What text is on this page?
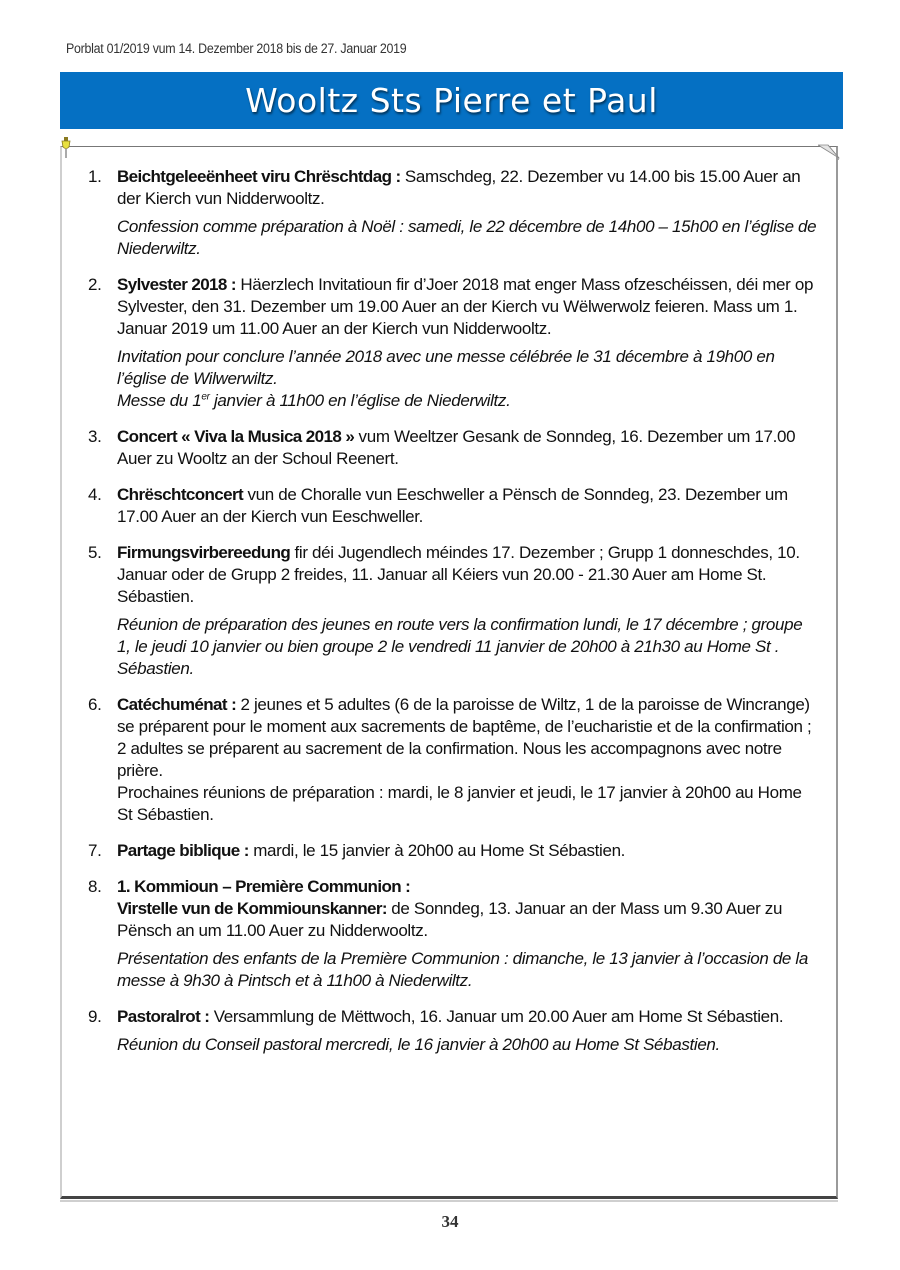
Porblat 01/2019 vum 14. Dezember 2018 bis de 27. Januar 2019
Wooltz Sts Pierre et Paul
1. Beichtgeleeënheet viru Chrëschtdag : Samschdeg, 22. Dezember vu 14.00 bis 15.00 Auer an der Kierch vun Nidderwooltz.
Confession comme préparation à Noël : samedi, le 22 décembre de 14h00 – 15h00 en l’église de Niederwiltz.
2. Sylvester 2018 : Häerzlech Invitatioun fir d’Joer 2018 mat enger Mass ofzeschéissen, déi mer op Sylvester, den 31. Dezember um 19.00 Auer an der Kierch vu Wëlwerwolz feieren. Mass um 1. Januar 2019 um 11.00 Auer an der Kierch vun Nidderwooltz.
Invitation pour conclure l’année 2018 avec une messe célébrée le 31 décembre à 19h00 en l’église de Wilwerwiltz.
Messe du 1er janvier à 11h00 en l’église de Niederwiltz.
3. Concert « Viva la Musica 2018 » vum Weeltzer Gesank de Sonndeg, 16. Dezember um 17.00 Auer zu Wooltz an der Schoul Reenert.
4. Chrëschtconcert vun de Choralle vun Eeschweller a Pënsch de Sonndeg, 23. Dezember um 17.00 Auer an der Kierch vun Eeschweller.
5. Firmungsvirbereedung fir déi Jugendlech méindes 17. Dezember ; Grupp 1 donneschdes, 10. Januar oder de Grupp 2 freides, 11. Januar all Kéiers vun 20.00 - 21.30 Auer am Home St. Sébastien.
Réunion de préparation des jeunes en route vers la confirmation lundi, le 17 décembre ; groupe 1, le jeudi 10 janvier ou bien groupe 2 le vendredi 11 janvier de 20h00 à 21h30 au Home St . Sébastien.
6. Catéchuménat : 2 jeunes et 5 adultes (6 de la paroisse de Wiltz, 1 de la paroisse de Wincrange) se préparent pour le moment aux sacrements de baptême, de l’eucharistie et de la confirmation ; 2 adultes se préparent au sacrement de la confirmation. Nous les accompagnons avec notre prière.
Prochaines réunions de préparation : mardi, le 8 janvier et jeudi, le 17 janvier à 20h00 au Home St Sébastien.
7. Partage biblique : mardi, le 15 janvier à 20h00 au Home St Sébastien.
8. 1. Kommioun – Première Communion :
Virstelle vun de Kommiounskanner: de Sonndeg, 13. Januar an der Mass um 9.30 Auer zu Pënsch an um 11.00 Auer zu Nidderwooltz.
Présentation des enfants de la Première Communion : dimanche, le 13 janvier à l’occasion de la messe à 9h30 à Pintsch et à 11h00 à Niederwiltz.
9. Pastoralrot : Versammlung de Mëttwoch, 16. Januar um 20.00 Auer am Home St Sébastien.
Réunion du Conseil pastoral mercredi, le 16 janvier à 20h00 au Home St Sébastien.
34
